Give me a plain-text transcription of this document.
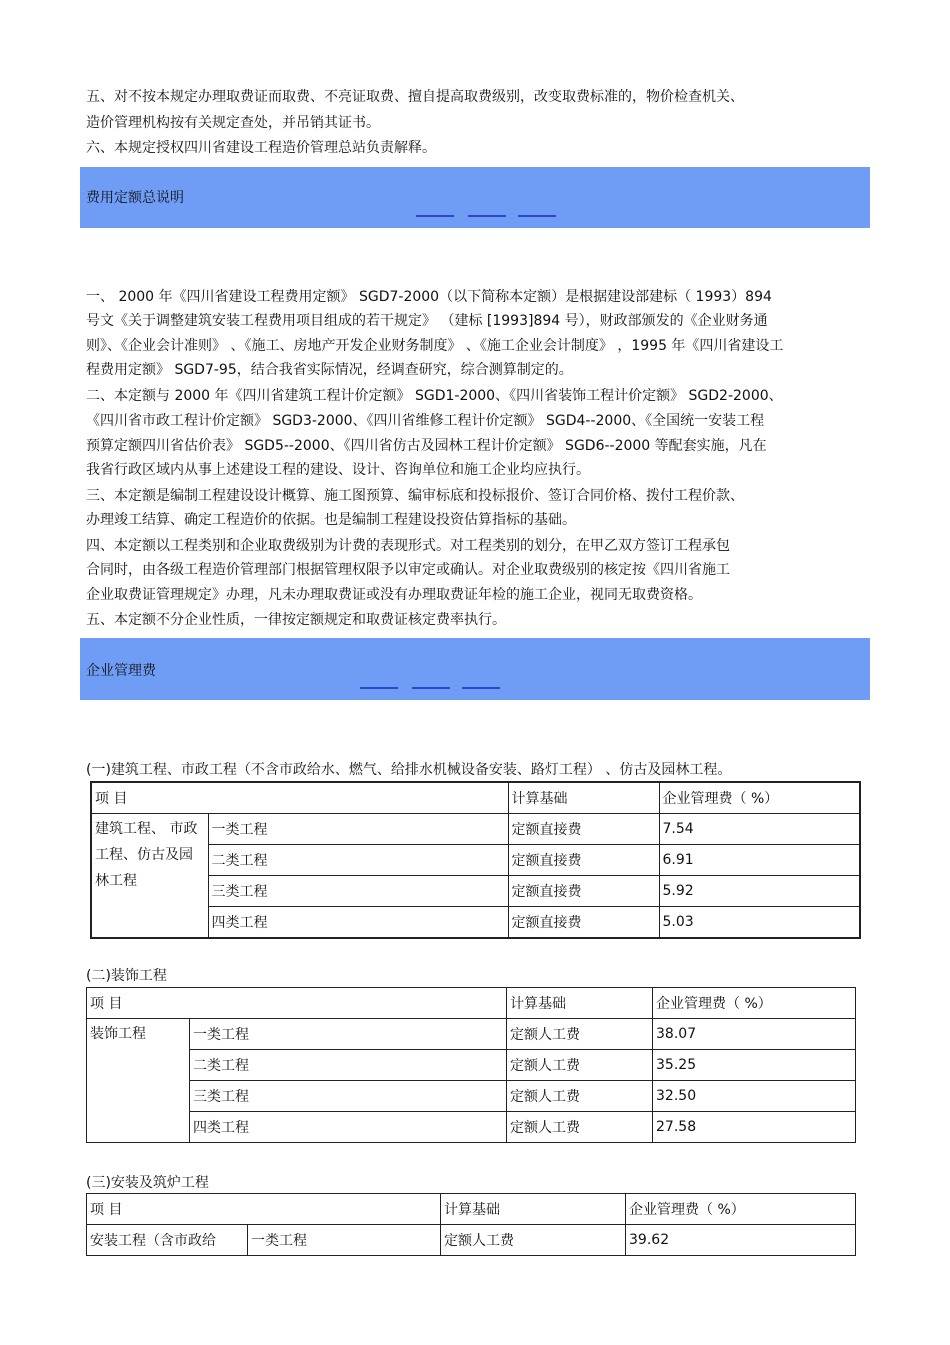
五、对不按本规定办理取费证而取费、不亮证取费、擅自提高取费级别，改变取费标准的，物价检查机关、
造价管理机构按有关规定查处，并吊销其证书。
六、本规定授权四川省建设工程造价管理总站负责解释。
费用定额总说明
一、 2000 年《四川省建设工程费用定额》 SGD7-2000（以下简称本定额）是根据建设部建标（ 1993）894
号文《关于调整建筑安装工程费用项目组成的若干规定》 （建标 [1993]894 号），财政部颁发的《企业财务通
则》、《企业会计准则》 、《施工、房地产开发企业财务制度》 、《施工企业会计制度》 ，1995 年《四川省建设工
程费用定额》 SGD7-95，结合我省实际情况，经调查研究，综合测算制定的。
二、本定额与 2000 年《四川省建筑工程计价定额》 SGD1-2000、《四川省装饰工程计价定额》 SGD2-2000、
《四川省市政工程计价定额》 SGD3-2000、《四川省维修工程计价定额》 SGD4--2000、《全国统一安装工程
预算定额四川省估价表》 SGD5--2000、《四川省仿古及园林工程计价定额》 SGD6--2000 等配套实施，凡在
我省行政区域内从事上述建设工程的建设、设计、咨询单位和施工企业均应执行。
三、本定额是编制工程建设设计概算、施工图预算、编审标底和投标报价、签订合同价格、拨付工程价款、
办理竣工结算、确定工程造价的依据。也是编制工程建设投资估算指标的基础。
四、本定额以工程类别和企业取费级别为计费的表现形式。对工程类别的划分，在甲乙双方签订工程承包
合同时，由各级工程造价管理部门根据管理权限予以审定或确认。对企业取费级别的核定按《四川省施工
企业取费证管理规定》办理，凡未办理取费证或没有办理取费证年检的施工企业，视同无取费资格。
五、本定额不分企业性质，一律按定额规定和取费证核定费率执行。
企业管理费
(一)建筑工程、市政工程（不含市政给水、燃气、给排水机械设备安装、路灯工程） 、仿古及园林工程。
项 目		计算基础	企业管理费（ %）
建筑工程、 市政工程、仿古及园林工程	一类工程	定额直接费	7.54
	二类工程	定额直接费	6.91
	三类工程	定额直接费	5.92
	四类工程	定额直接费	5.03
(二)装饰工程
项 目		计算基础	企业管理费（ %）
装饰工程	一类工程	定额人工费	38.07
	二类工程	定额人工费	35.25
	三类工程	定额人工费	32.50
	四类工程	定额人工费	27.58
(三)安装及筑炉工程
项 目		计算基础	企业管理费（ %）
安装工程（含市政给	一类工程	定额人工费	39.62
